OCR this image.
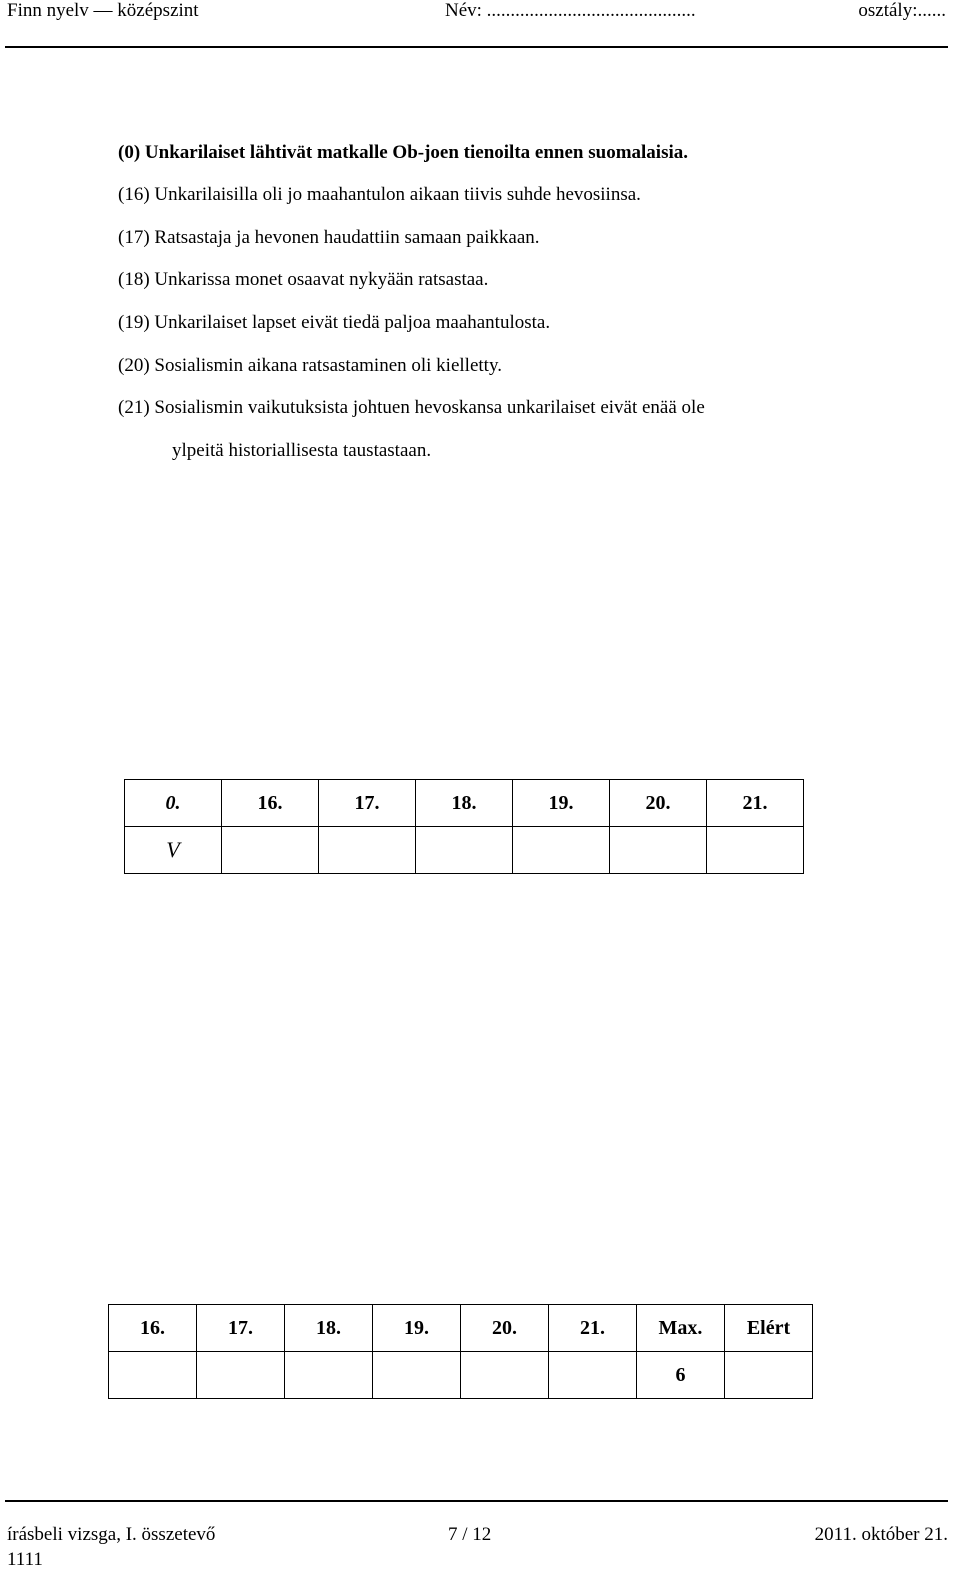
Finn nyelv — középszint	Név: ............................................	osztály:......
(0) Unkarilaiset lähtivät matkalle Ob-joen tienoilta ennen suomalaisia.
(16) Unkarilaisilla oli jo maahantulon aikaan tiivis suhde hevosiinsa.
(17) Ratsastaja ja hevonen haudattiin samaan paikkaan.
(18) Unkarissa monet osaavat nykyään ratsastaa.
(19) Unkarilaiset lapset eivät tiedä paljoa maahantulosta.
(20) Sosialismin aikana ratsastaminen oli kielletty.
(21) Sosialismin vaikutuksista johtuen hevoskansa unkarilaiset eivät enää ole
ylpeitä historiallisesta taustastaan.
0.	16.	17.	18.	19.	20.	21.
V						
16.	17.	18.	19.	20.	21.	Max.	Elért
						6	
írásbeli vizsga, I. összetevő	7 / 12	2011. október 21.
1111
